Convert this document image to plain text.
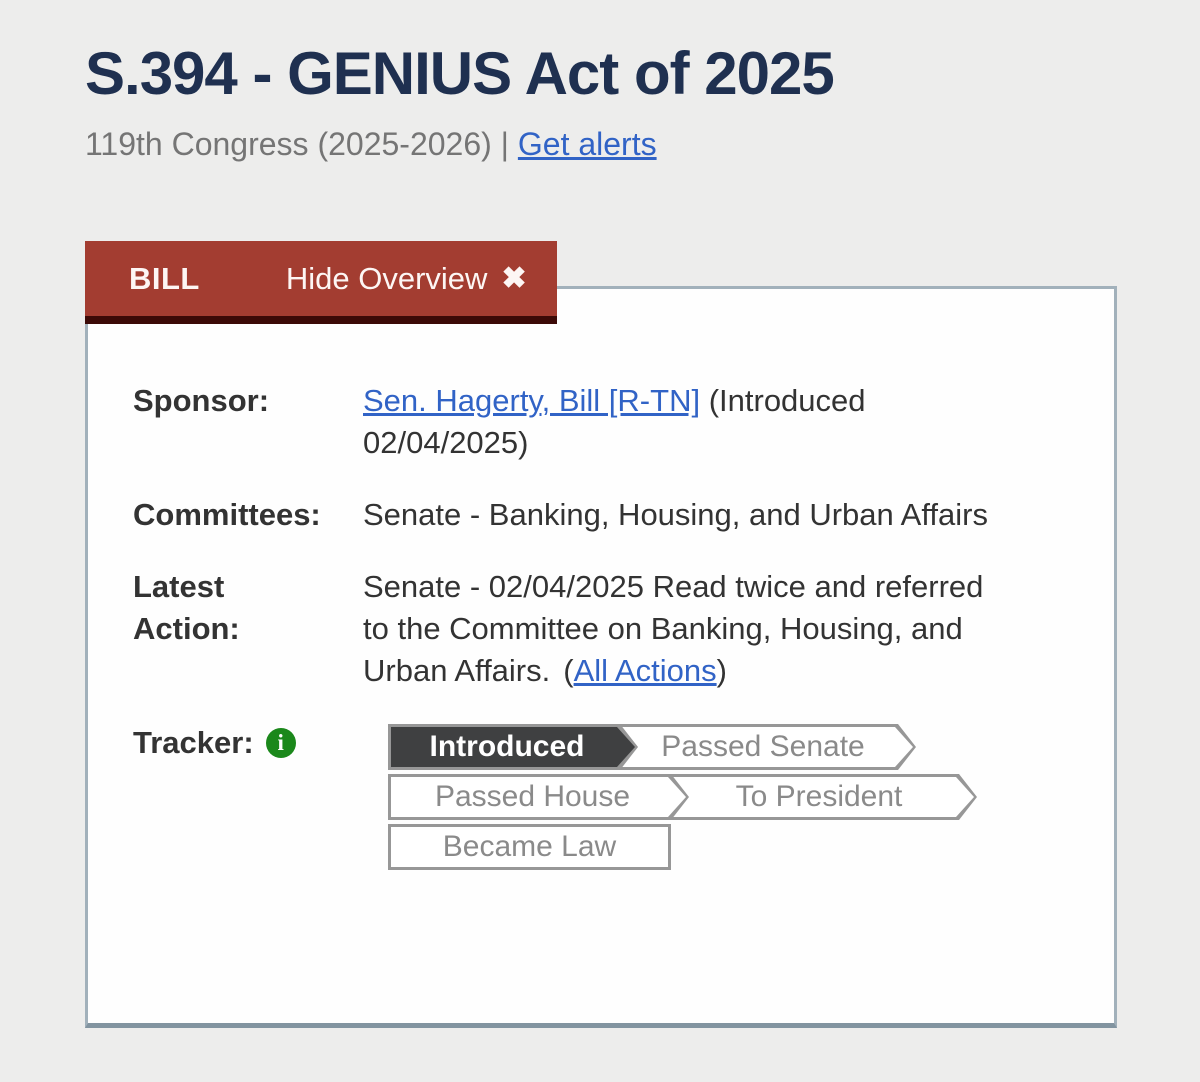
S.394 - GENIUS Act of 2025
119th Congress (2025-2026) | Get alerts
BILL	Hide Overview ✖
Sponsor:	Sen. Hagerty, Bill [R-TN] (Introduced
02/04/2025)
Committees:	Senate - Banking, Housing, and Urban Affairs
Latest Action:
Senate - 02/04/2025 Read twice and referred
to the Committee on Banking, Housing, and
Urban Affairs. (All Actions)
Tracker:	i	Introduced	Passed Senate
Passed House	To President
Became Law
